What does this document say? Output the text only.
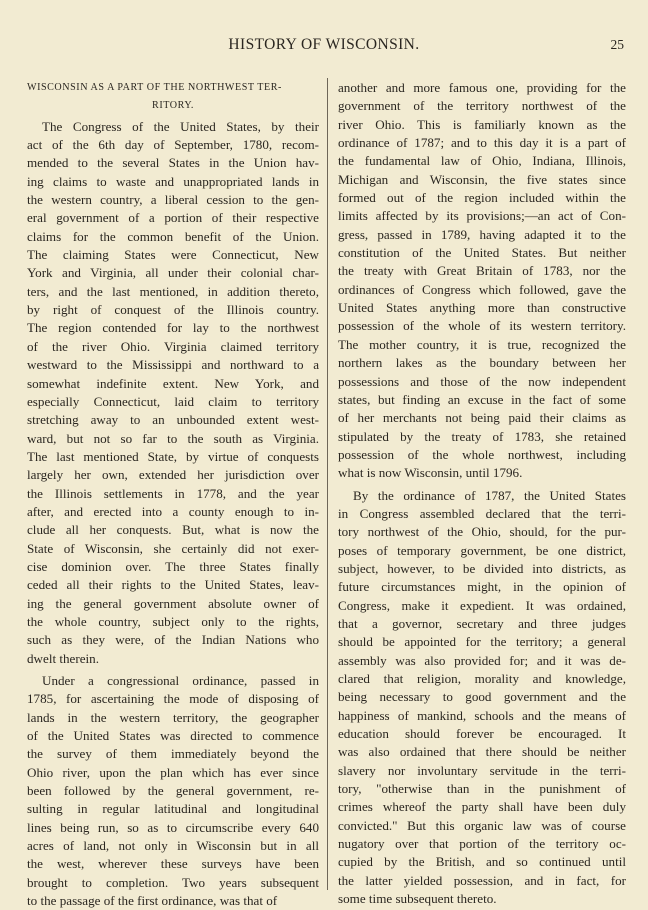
HISTORY OF WISCONSIN.	25
WISCONSIN AS A PART OF THE NORTHWEST TER-
RITORY.
The Congress of the United States, by their
act of the 6th day of September, 1780, recom-
mended to the several States in the Union hav-
ing claims to waste and unappropriated lands in
the western country, a liberal cession to the gen-
eral government of a portion of their respective
claims for the common benefit of the Union.
The claiming States were Connecticut, New
York and Virginia, all under their colonial char-
ters, and the last mentioned, in addition thereto,
by right of conquest of the Illinois country.
The region contended for lay to the northwest
of the river Ohio. Virginia claimed territory
westward to the Mississippi and northward to a
somewhat indefinite extent. New York, and
especially Connecticut, laid claim to territory
stretching away to an unbounded extent west-
ward, but not so far to the south as Virginia.
The last mentioned State, by virtue of conquests
largely her own, extended her jurisdiction over
the Illinois settlements in 1778, and the year
after, and erected into a county enough to in-
clude all her conquests. But, what is now the
State of Wisconsin, she certainly did not exer-
cise dominion over. The three States finally
ceded all their rights to the United States, leav-
ing the general government absolute owner of
the whole country, subject only to the rights,
such as they were, of the Indian Nations who
dwelt therein.
Under a congressional ordinance, passed in
1785, for ascertaining the mode of disposing of
lands in the western territory, the geographer
of the United States was directed to commence
the survey of them immediately beyond the
Ohio river, upon the plan which has ever since
been followed by the general government, re-
sulting in regular latitudinal and longitudinal
lines being run, so as to circumscribe every 640
acres of land, not only in Wisconsin but in all
the west, wherever these surveys have been
brought to completion. Two years subsequent
to the passage of the first ordinance, was that of
another and more famous one, providing for the
government of the territory northwest of the
river Ohio. This is familiarly known as the
ordinance of 1787; and to this day it is a part of
the fundamental law of Ohio, Indiana, Illinois,
Michigan and Wisconsin, the five states since
formed out of the region included within the
limits affected by its provisions;—an act of Con-
gress, passed in 1789, having adapted it to the
constitution of the United States. But neither
the treaty with Great Britain of 1783, nor the
ordinances of Congress which followed, gave the
United States anything more than constructive
possession of the whole of its western territory.
The mother country, it is true, recognized the
northern lakes as the boundary between her
possessions and those of the now independent
states, but finding an excuse in the fact of some
of her merchants not being paid their claims as
stipulated by the treaty of 1783, she retained
possession of the whole northwest, including
what is now Wisconsin, until 1796.
By the ordinance of 1787, the United States
in Congress assembled declared that the terri-
tory northwest of the Ohio, should, for the pur-
poses of temporary government, be one district,
subject, however, to be divided into districts, as
future circumstances might, in the opinion of
Congress, make it expedient. It was ordained,
that a governor, secretary and three judges
should be appointed for the territory; a general
assembly was also provided for; and it was de-
clared that religion, morality and knowledge,
being necessary to good government and the
happiness of mankind, schools and the means of
education should forever be encouraged. It
was also ordained that there should be neither
slavery nor involuntary servitude in the terri-
tory, "otherwise than in the punishment of
crimes whereof the party shall have been duly
convicted." But this organic law was of course
nugatory over that portion of the territory oc-
cupied by the British, and so continued until
the latter yielded possession, and in fact, for
some time subsequent thereto.
